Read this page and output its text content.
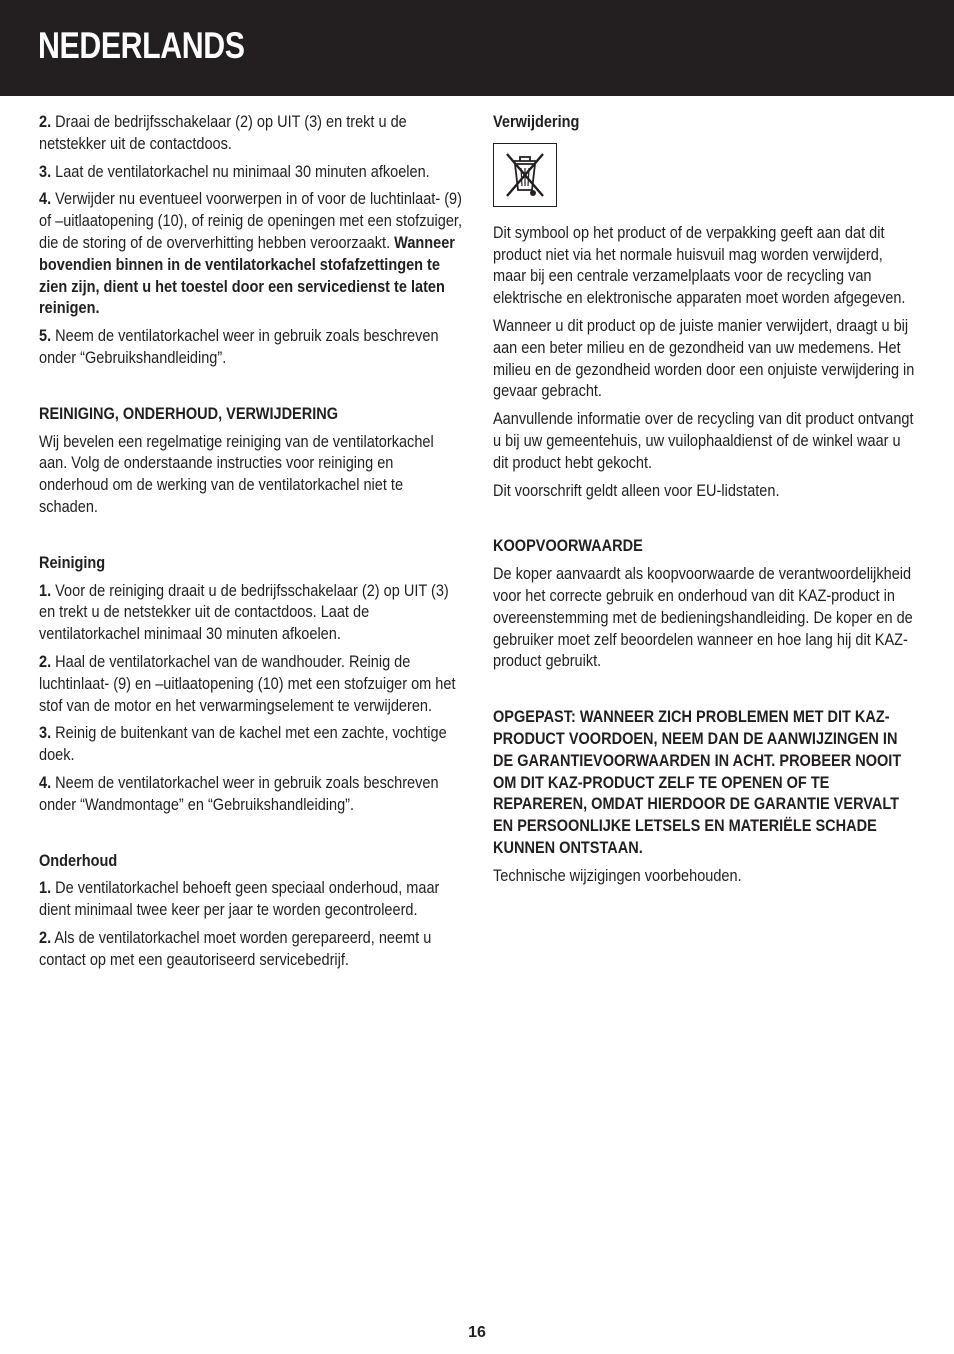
NEDERLANDS

2. Draai de bedrijfsschakelaar (2) op UIT (3) en trekt u de netstekker uit de contactdoos.

3. Laat de ventilatorkachel nu minimaal 30 minuten afkoelen.

4. Verwijder nu eventueel voorwerpen in of voor de luchtinlaat- (9) of –uitlaatopening (10), of reinig de openingen met een stofzuiger, die de storing of de oververhitting hebben veroorzaakt. Wanneer bovendien binnen in de ventilatorkachel stofafzettingen te zien zijn, dient u het toestel door een servicedienst te laten reinigen.

5. Neem de ventilatorkachel weer in gebruik zoals beschreven onder “Gebruikshandleiding”.

REINIGING, ONDERHOUD, VERWIJDERING

Wij bevelen een regelmatige reiniging van de ventilatorkachel aan. Volg de onderstaande instructies voor reiniging en onderhoud om de werking van de ventilatorkachel niet te schaden.

Reiniging

1. Voor de reiniging draait u de bedrijfsschakelaar (2) op UIT (3) en trekt u de netstekker uit de contactdoos. Laat de ventilatorkachel minimaal 30 minuten afkoelen.

2. Haal de ventilatorkachel van de wandhouder. Reinig de luchtinlaat- (9) en –uitlaatopening (10) met een stofzuiger om het stof van de motor en het verwarmingselement te verwijderen.

3. Reinig de buitenkant van de kachel met een zachte, vochtige doek.

4. Neem de ventilatorkachel weer in gebruik zoals beschreven onder “Wandmontage” en “Gebruikshandleiding”.

Onderhoud

1. De ventilatorkachel behoeft geen speciaal onderhoud, maar dient minimaal twee keer per jaar te worden gecontroleerd.

2. Als de ventilatorkachel moet worden gerepareerd, neemt u contact op met een geautoriseerd servicebedrijf.

Verwijdering

Dit symbool op het product of de verpakking geeft aan dat dit product niet via het normale huisvuil mag worden verwijderd, maar bij een centrale verzamelplaats voor de recycling van elektrische en elektronische apparaten moet worden afgegeven.

Wanneer u dit product op de juiste manier verwijdert, draagt u bij aan een beter milieu en de gezondheid van uw medemens. Het milieu en de gezondheid worden door een onjuiste verwijdering in gevaar gebracht.

Aanvullende informatie over de recycling van dit product ontvangt u bij uw gemeentehuis, uw vuilophaaldienst of de winkel waar u dit product hebt gekocht.

Dit voorschrift geldt alleen voor EU-lidstaten.

KOOPVOORWAARDE

De koper aanvaardt als koopvoorwaarde de verantwoordelijkheid voor het correcte gebruik en onderhoud van dit KAZ-product in overeenstemming met de bedieningshandleiding. De koper en de gebruiker moet zelf beoordelen wanneer en hoe lang hij dit KAZ-product gebruikt.

OPGEPAST: WANNEER ZICH PROBLEMEN MET DIT KAZ-PRODUCT VOORDOEN, NEEM DAN DE AANWIJZINGEN IN DE GARANTIEVOORWAARDEN IN ACHT. PROBEER NOOIT OM DIT KAZ-PRODUCT ZELF TE OPENEN OF TE REPAREREN, OMDAT HIERDOOR DE GARANTIE VERVALT EN PERSOONLIJKE LETSELS EN MATERIËLE SCHADE KUNNEN ONTSTAAN.

Technische wijzigingen voorbehouden.

16
